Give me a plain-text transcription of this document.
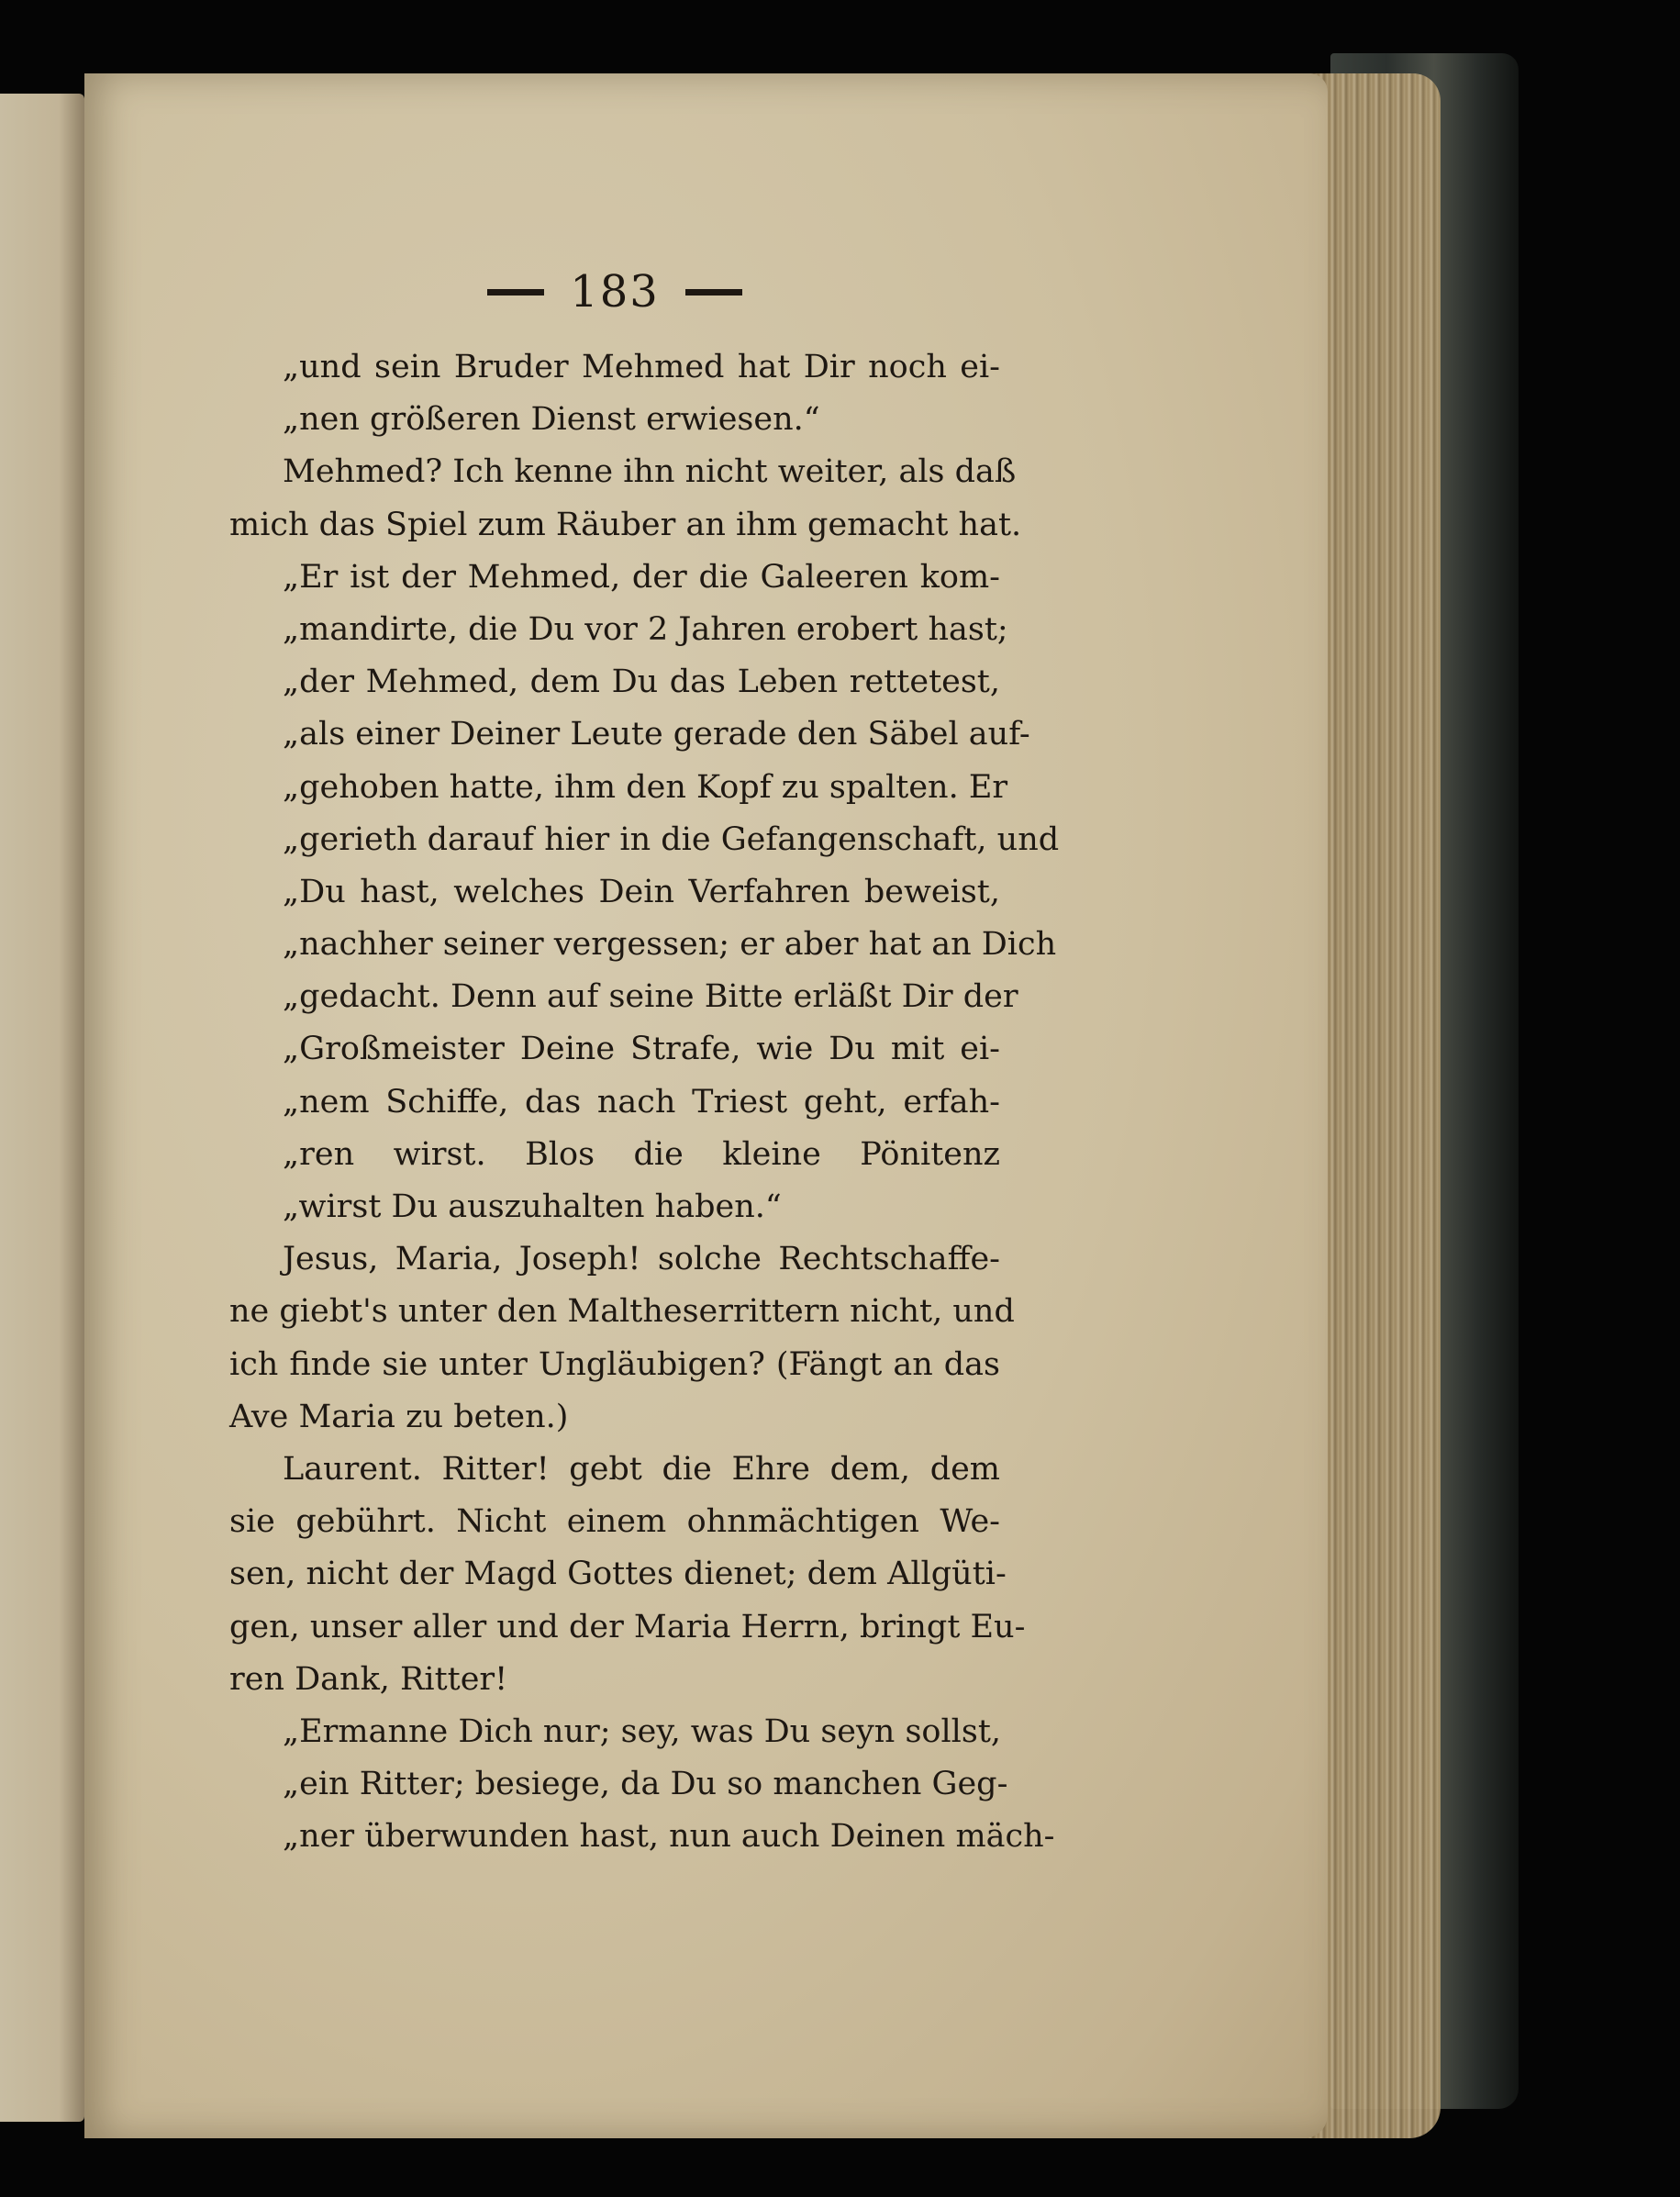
183
„und sein Bruder Mehmed hat Dir noch ei-
„nen größeren Dienst erwiesen.“
Mehmed? Ich kenne ihn nicht weiter, als daß
mich das Spiel zum Räuber an ihm gemacht hat.
„Er ist der Mehmed, der die Galeeren kom-
„mandirte, die Du vor 2 Jahren erobert hast;
„der Mehmed, dem Du das Leben rettetest,
„als einer Deiner Leute gerade den Säbel auf-
„gehoben hatte, ihm den Kopf zu spalten. Er
„gerieth darauf hier in die Gefangenschaft, und
„Du hast, welches Dein Verfahren beweist,
„nachher seiner vergessen; er aber hat an Dich
„gedacht. Denn auf seine Bitte erläßt Dir der
„Großmeister Deine Strafe, wie Du mit ei-
„nem Schiffe, das nach Triest geht, erfah-
„ren wirst. Blos die kleine Pönitenz
„wirst Du auszuhalten haben.“
Jesus, Maria, Joseph! solche Rechtschaffe-
ne giebt's unter den Maltheserrittern nicht, und
ich finde sie unter Ungläubigen? (Fängt an das
Ave Maria zu beten.)
Laurent. Ritter! gebt die Ehre dem, dem
sie gebührt. Nicht einem ohnmächtigen We-
sen, nicht der Magd Gottes dienet; dem Allgüti-
gen, unser aller und der Maria Herrn, bringt Eu-
ren Dank, Ritter!
„Ermanne Dich nur; sey, was Du seyn sollst,
„ein Ritter; besiege, da Du so manchen Geg-
„ner überwunden hast, nun auch Deinen mäch-
